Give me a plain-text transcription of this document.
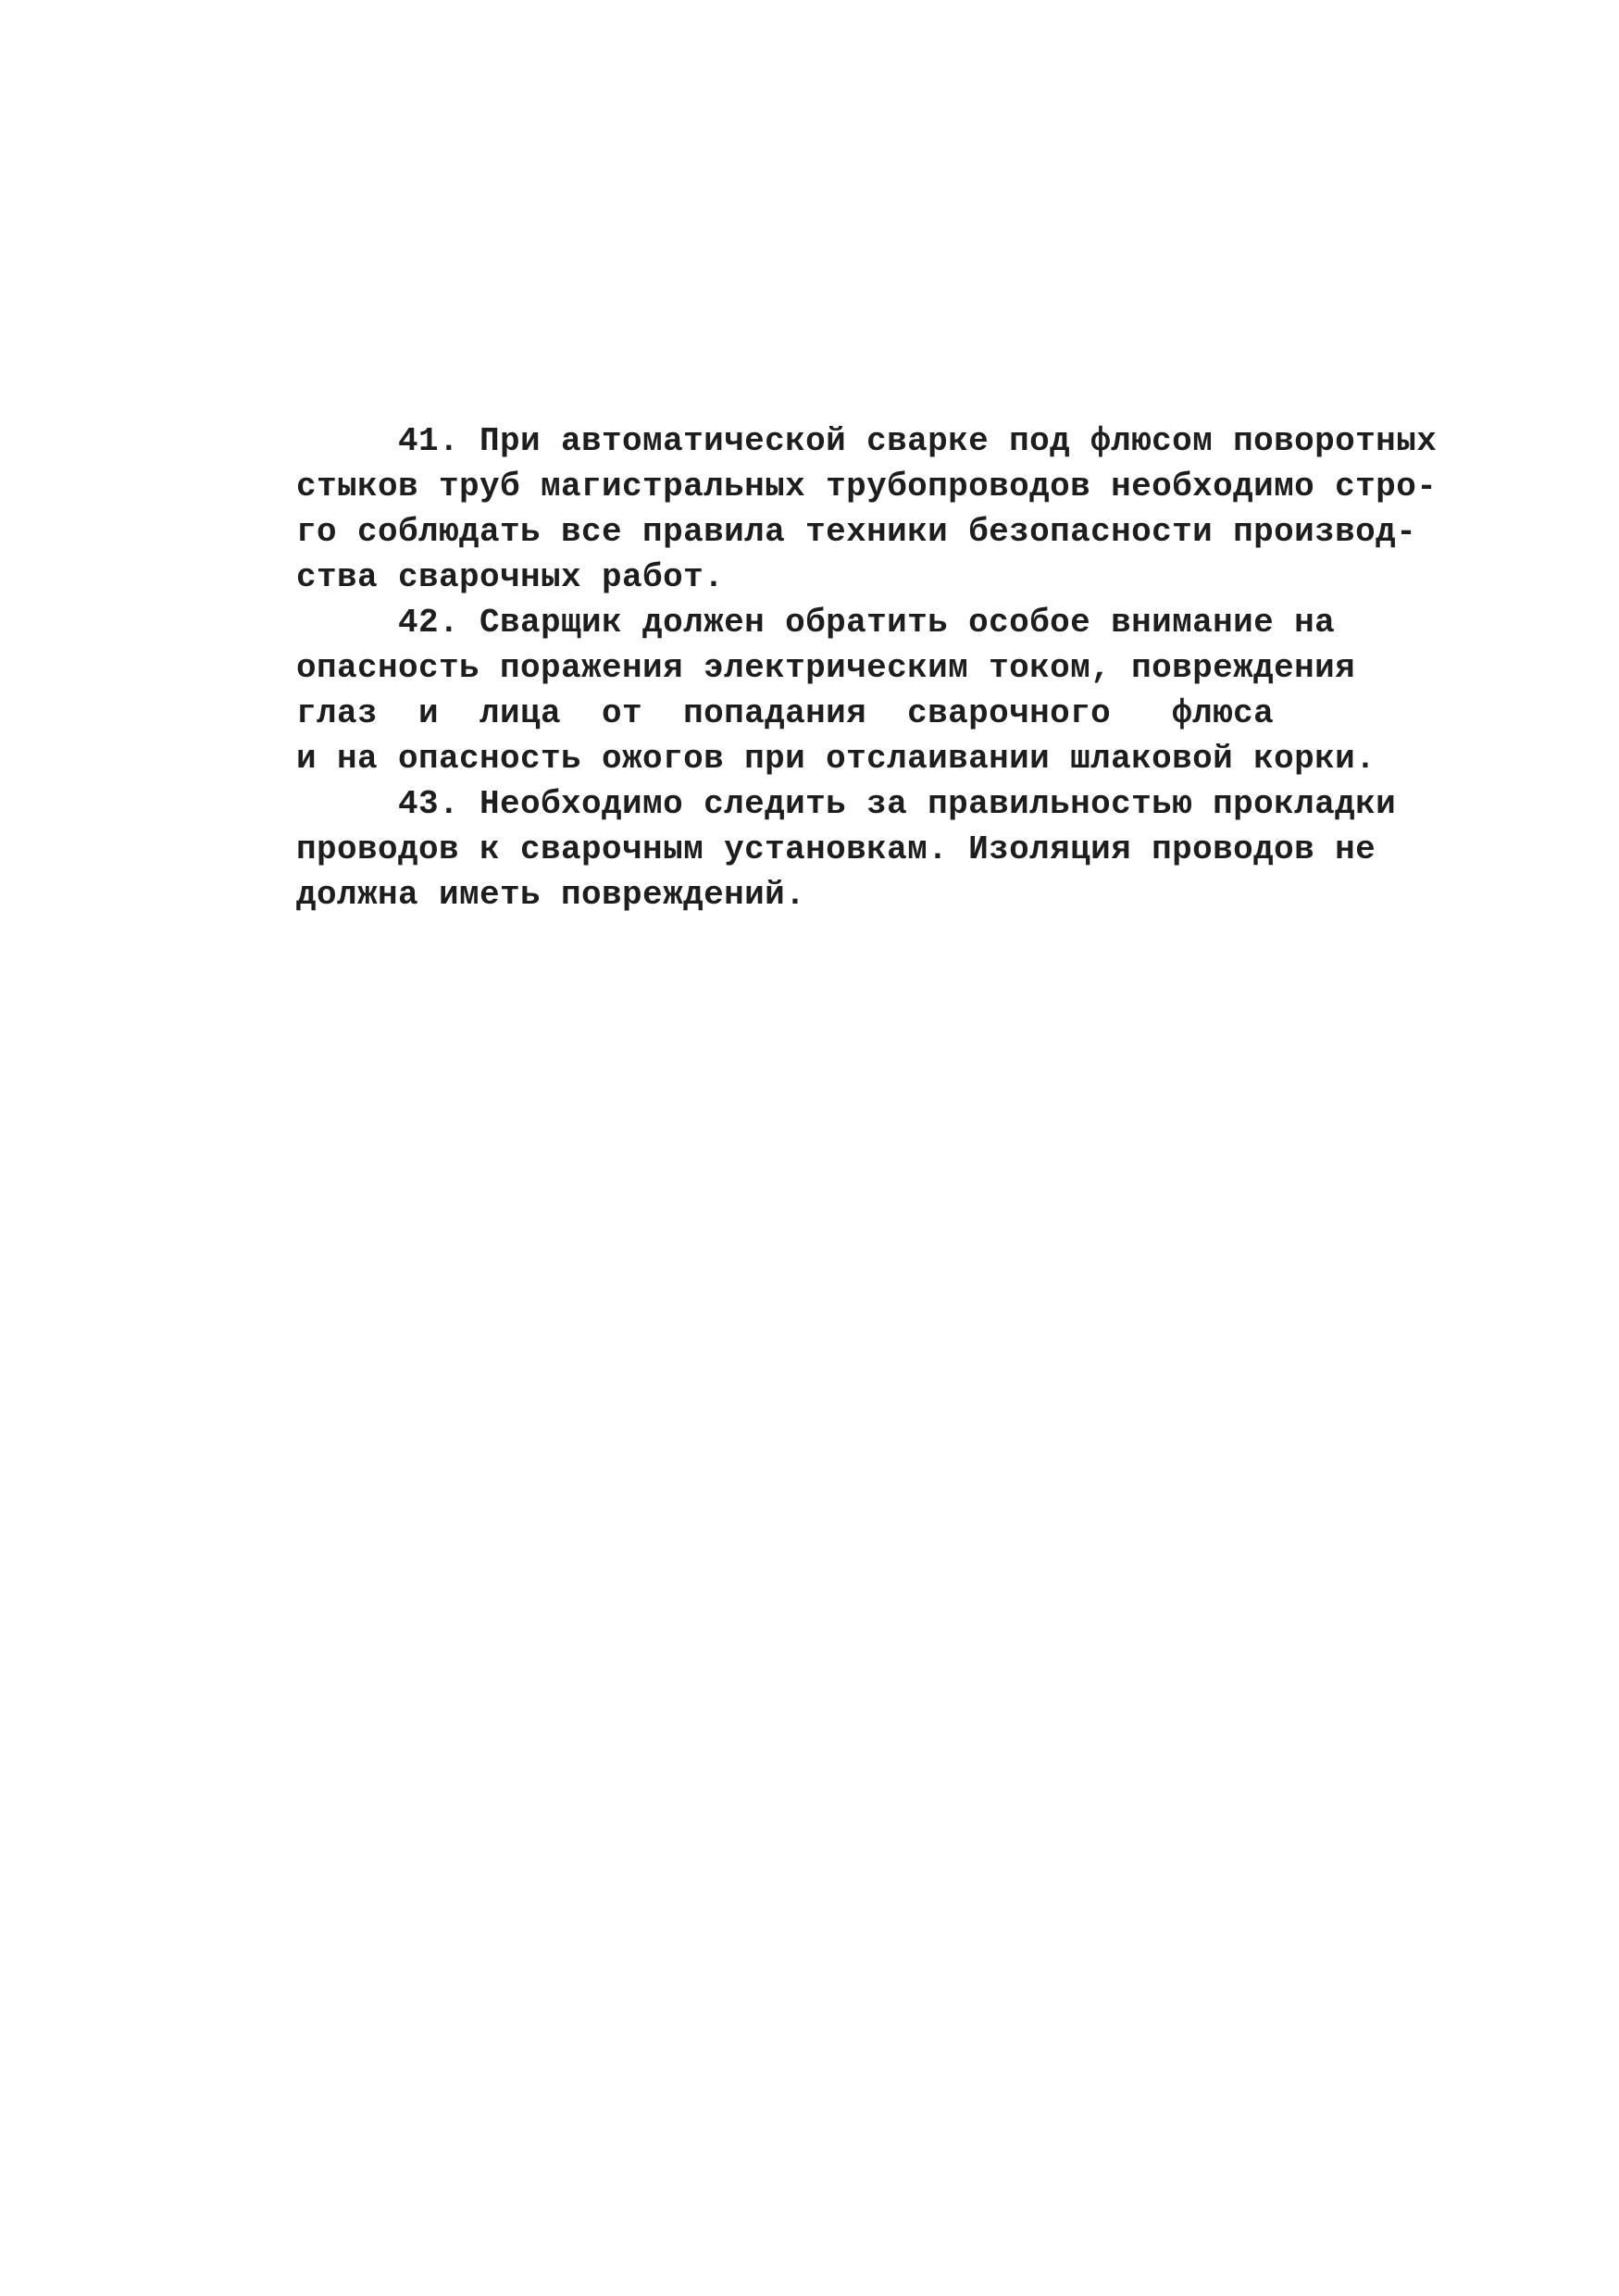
41. При автоматической сварке под флюсом поворотных
стыков труб магистральных трубопроводов необходимо стро-
го соблюдать все правила техники безопасности производ-
ства сварочных работ.
42. Сварщик должен обратить особое внимание на
опасность поражения электрическим током, повреждения
глаз  и  лица  от  попадания  сварочного   флюса
и на опасность ожогов при отслаивании шлаковой корки.
43. Необходимо следить за правильностью прокладки
проводов к сварочным установкам. Изоляция проводов не
должна иметь повреждений.
